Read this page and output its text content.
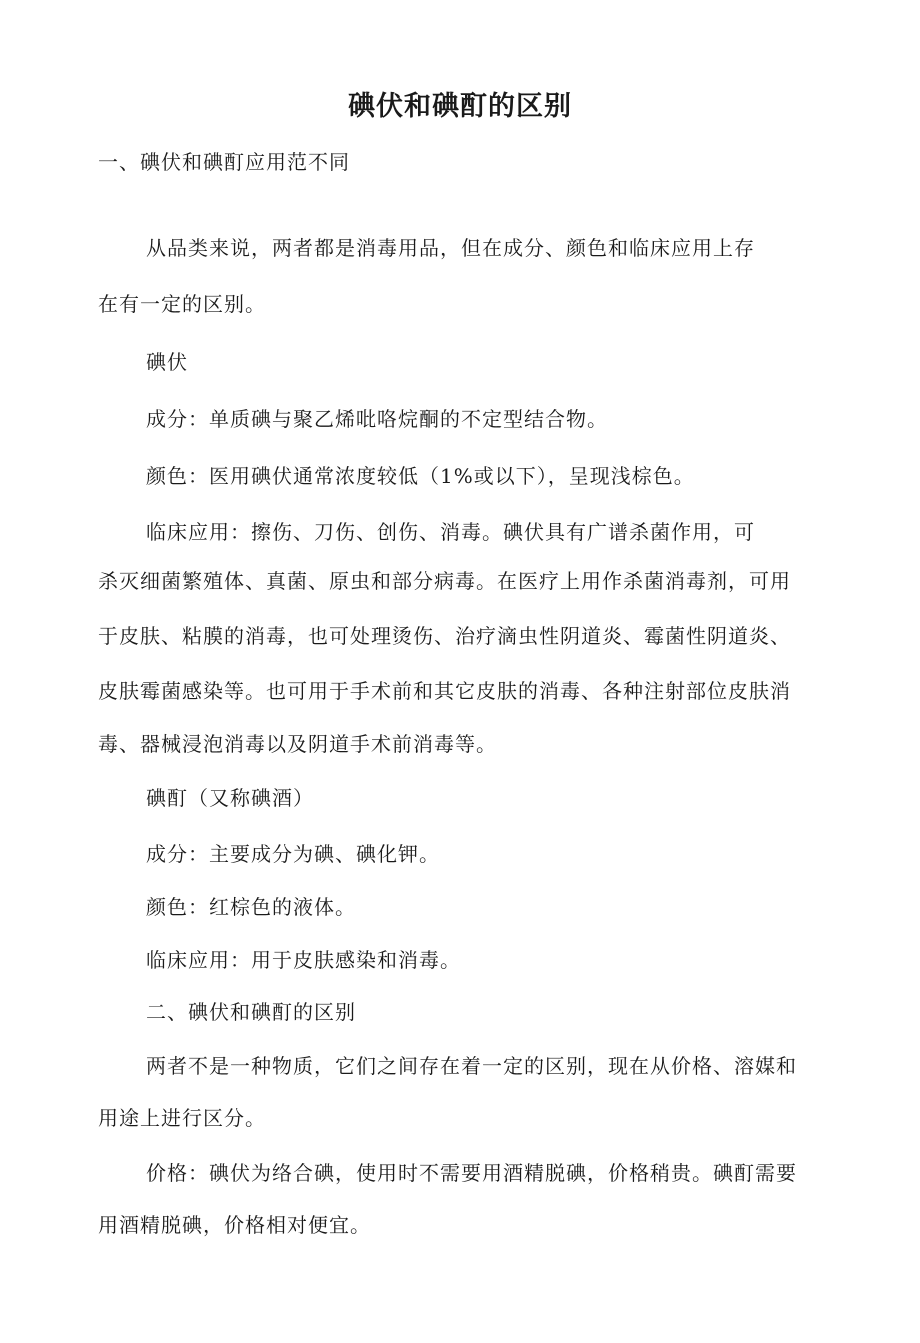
碘伏和碘酊的区别

一、碘伏和碘酊应用范不同

从品类来说，两者都是消毒用品，但在成分、颜色和临床应用上存

在有一定的区别。

碘伏

成分：单质碘与聚乙烯吡咯烷酮的不定型结合物。

颜色：医用碘伏通常浓度较低（1%或以下），呈现浅棕色。

临床应用：擦伤、刀伤、创伤、消毒。碘伏具有广谱杀菌作用，可

杀灭细菌繁殖体、真菌、原虫和部分病毒。在医疗上用作杀菌消毒剂，可用

于皮肤、粘膜的消毒，也可处理烫伤、治疗滴虫性阴道炎、霉菌性阴道炎、

皮肤霉菌感染等。也可用于手术前和其它皮肤的消毒、各种注射部位皮肤消

毒、器械浸泡消毒以及阴道手术前消毒等。

碘酊（又称碘酒）

成分：主要成分为碘、碘化钾。

颜色：红棕色的液体。

临床应用：用于皮肤感染和消毒。

二、碘伏和碘酊的区别

两者不是一种物质，它们之间存在着一定的区别，现在从价格、溶媒和

用途上进行区分。

价格：碘伏为络合碘，使用时不需要用酒精脱碘，价格稍贵。碘酊需要

用酒精脱碘，价格相对便宜。
